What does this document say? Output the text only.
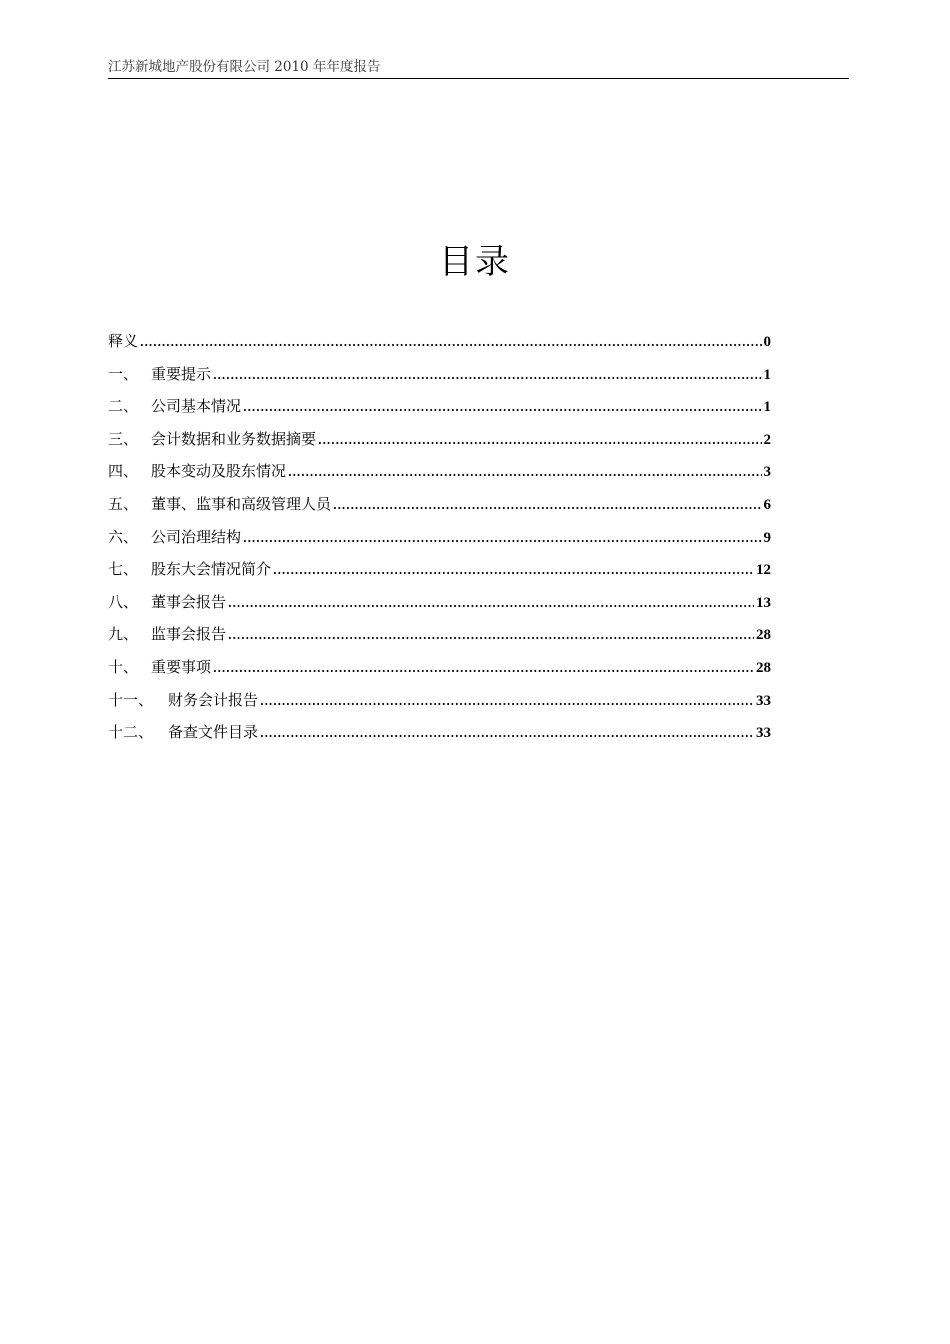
江苏新城地产股份有限公司 2010 年年度报告
目录
释义 .....	0
一、 重要提示 .....	1
二、 公司基本情况 .....	1
三、 会计数据和业务数据摘要 .....	2
四、 股本变动及股东情况 .....	3
五、 董事、监事和高级管理人员 .....	6
六、 公司治理结构 .....	9
七、 股东大会情况简介 .....	12
八、 董事会报告 .....	13
九、 监事会报告 .....	28
十、 重要事项 .....	28
十一、 财务会计报告 .....	33
十二、 备查文件目录 .....	33
